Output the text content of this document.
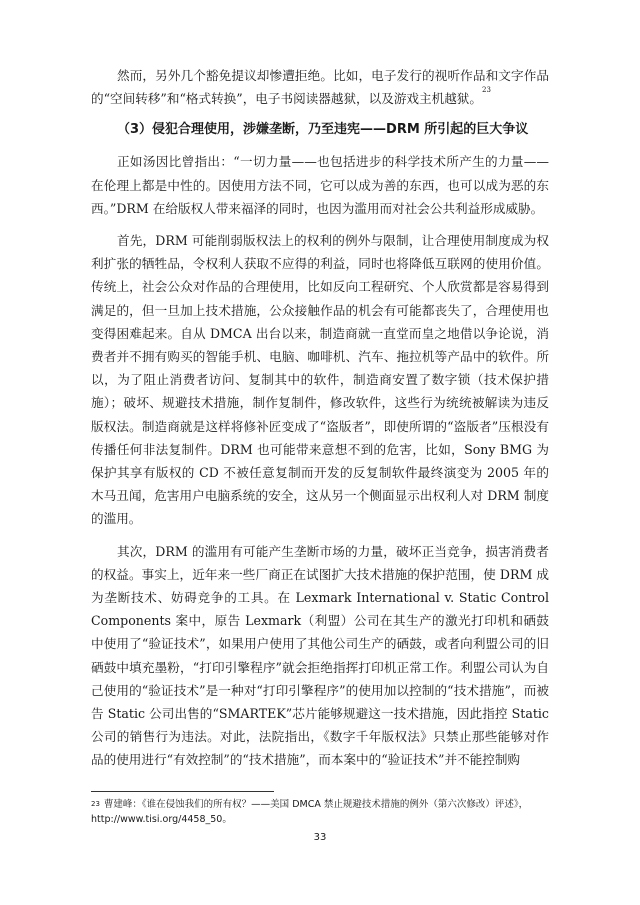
然而，另外几个豁免提议却惨遭拒绝。比如，电子发行的视听作品和文字作品的“空间转移”和“格式转换”，电子书阅读器越狱，以及游戏主机越狱。$^{23}$

（3）侵犯合理使用，涉嫌垄断，乃至违宪——DRM 所引起的巨大争议

正如汤因比曾指出：“一切力量——也包括进步的科学技术所产生的力量——在伦理上都是中性的。因使用方法不同，它可以成为善的东西，也可以成为恶的东西。”DRM 在给版权人带来福泽的同时，也因为滥用而对社会公共利益形成威胁。

首先，DRM 可能削弱版权法上的权利的例外与限制，让合理使用制度成为权利扩张的牺牲品，令权利人获取不应得的利益，同时也将降低互联网的使用价值。传统上，社会公众对作品的合理使用，比如反向工程研究、个人欣赏都是容易得到满足的，但一旦加上技术措施，公众接触作品的机会有可能都丧失了，合理使用也变得困难起来。自从 DMCA 出台以来，制造商就一直堂而皇之地借以争论说，消费者并不拥有购买的智能手机、电脑、咖啡机、汽车、拖拉机等产品中的软件。所以，为了阻止消费者访问、复制其中的软件，制造商安置了数字锁（技术保护措施）；破坏、规避技术措施，制作复制件，修改软件，这些行为统统被解读为违反版权法。制造商就是这样将修补匠变成了“盗版者”，即使所谓的“盗版者”压根没有传播任何非法复制件。DRM 也可能带来意想不到的危害，比如，Sony BMG 为保护其享有版权的 CD 不被任意复制而开发的反复制软件最终演变为 2005 年的木马丑闻，危害用户电脑系统的安全，这从另一个侧面显示出权利人对 DRM 制度的滥用。

其次，DRM 的滥用有可能产生垄断市场的力量，破坏正当竞争，损害消费者的权益。事实上，近年来一些厂商正在试图扩大技术措施的保护范围，使 DRM 成为垄断技术、妨碍竞争的工具。在 Lexmark International v. Static Control Components 案中，原告 Lexmark（利盟）公司在其生产的激光打印机和硒鼓中使用了“验证技术”，如果用户使用了其他公司生产的硒鼓，或者向利盟公司的旧硒鼓中填充墨粉，“打印引擎程序”就会拒绝指挥打印机正常工作。利盟公司认为自己使用的“验证技术”是一种对“打印引擎程序”的使用加以控制的“技术措施”，而被告 Static 公司出售的“SMARTEK”芯片能够规避这一技术措施，因此指控 Static 公司的销售行为违法。对此，法院指出，《数字千年版权法》只禁止那些能够对作品的使用进行“有效控制”的“技术措施”，而本案中的“验证技术”并不能控制购

$^{23}$ 曹建峰：《谁在侵蚀我们的所有权？——美国 DMCA 禁止规避技术措施的例外（第六次修改）评述》，http://www.tisi.org/4458_50。
33
